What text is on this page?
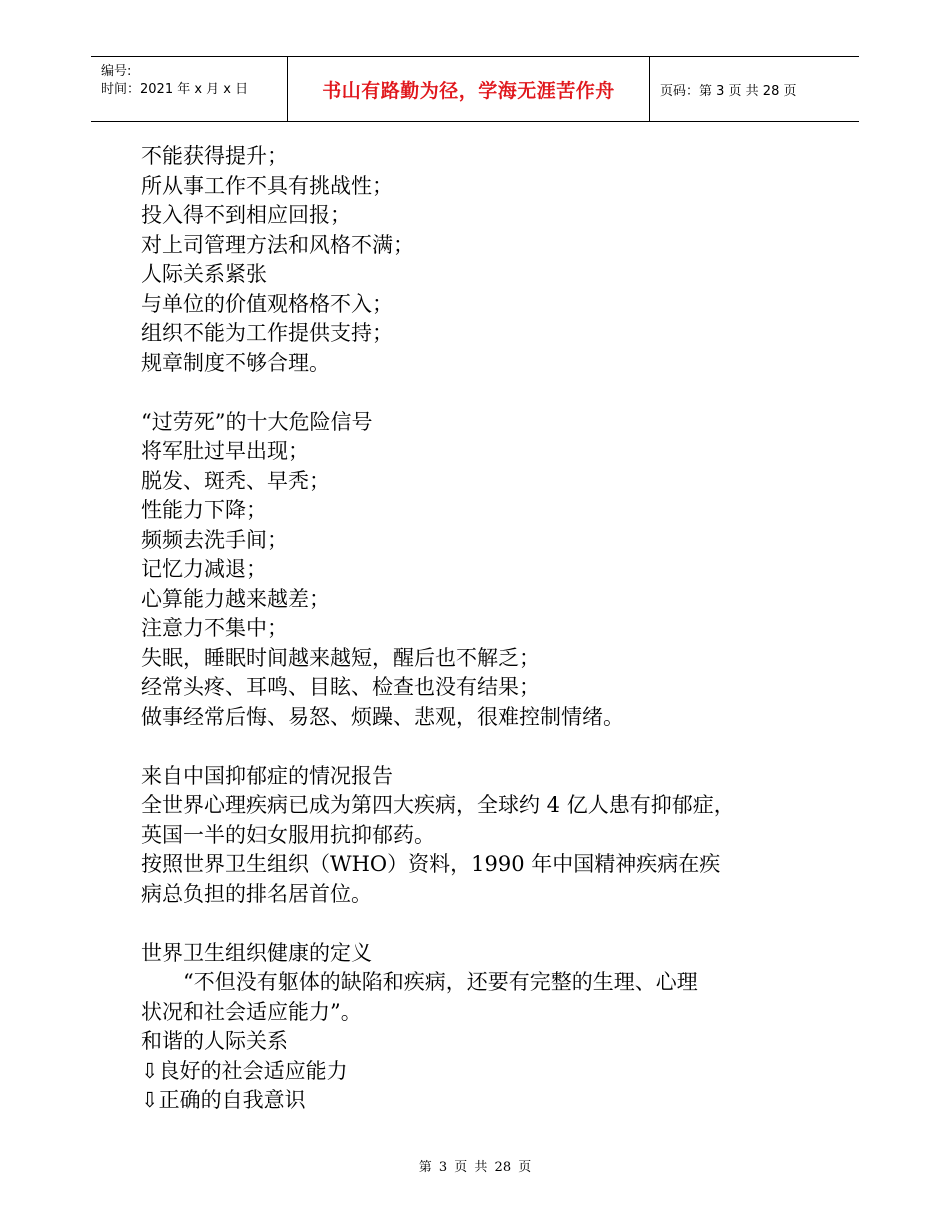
编号:
时间：2021 年 x 月 x 日	书山有路勤为径，学海无涯苦作舟	页码：第 3 页 共 28 页
不能获得提升；
所从事工作不具有挑战性；
投入得不到相应回报；
对上司管理方法和风格不满；
人际关系紧张
与单位的价值观格格不入；
组织不能为工作提供支持；
规章制度不够合理。
“过劳死”的十大危险信号
将军肚过早出现；
脱发、斑秃、早秃；
性能力下降；
频频去洗手间；
记忆力减退；
心算能力越来越差；
注意力不集中；
失眠，睡眠时间越来越短，醒后也不解乏；
经常头疼、耳鸣、目眩、检查也没有结果；
做事经常后悔、易怒、烦躁、悲观，很难控制情绪。
来自中国抑郁症的情况报告
全世界心理疾病已成为第四大疾病，全球约 4 亿人患有抑郁症，
英国一半的妇女服用抗抑郁药。
按照世界卫生组织（WHO）资料，1990 年中国精神疾病在疾
病总负担的排名居首位。
世界卫生组织健康的定义
“不但没有躯体的缺陷和疾病，还要有完整的生理、心理
状况和社会适应能力”。
和谐的人际关系
⇩良好的社会适应能力
⇩正确的自我意识
第 3 页 共 28 页
